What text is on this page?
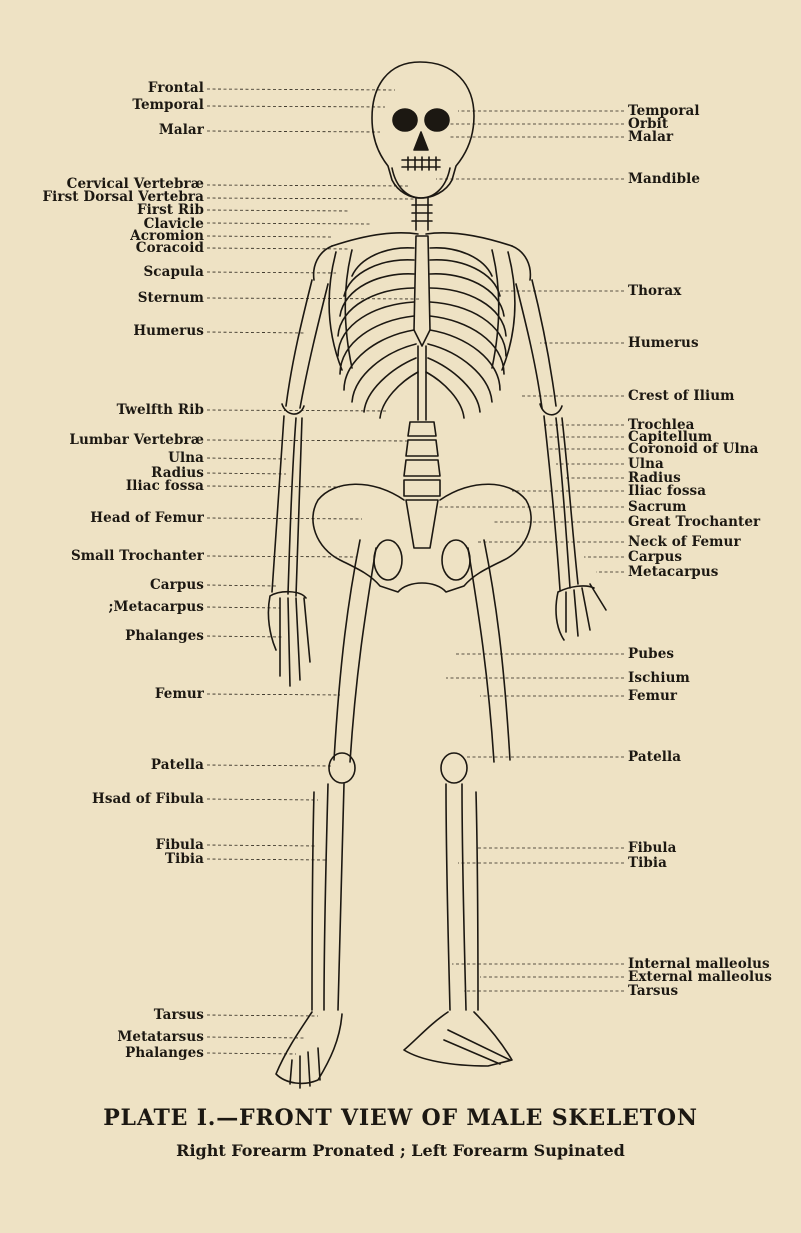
Frontal
Temporal
Malar
Cervical Vertebræ
First Dorsal Vertebra
First Rib
Clavicle
Acromion
Coracoid
Scapula
Sternum
Humerus
Twelfth Rib
Lumbar Vertebræ
Ulna
Radius
Iliac fossa
Head of Femur
Small Trochanter
Carpus
;Metacarpus
Phalanges
Femur
Patella
Hsad of Fibula
Fibula
Tibia
Tarsus
Metatarsus
Phalanges
Temporal
Orbit
Malar
Mandible
Thorax
Humerus
Crest of Ilium
Trochlea
Capitellum
Coronoid of Ulna
Ulna
Radius
Iliac fossa
Sacrum
Great Trochanter
Neck of Femur
Carpus
Metacarpus
Pubes
Ischium
Femur
Patella
Fibula
Tibia
Internal malleolus
External malleolus
Tarsus
PLATE I.—FRONT VIEW OF MALE SKELETON
Right Forearm Pronated ; Left Forearm Supinated
